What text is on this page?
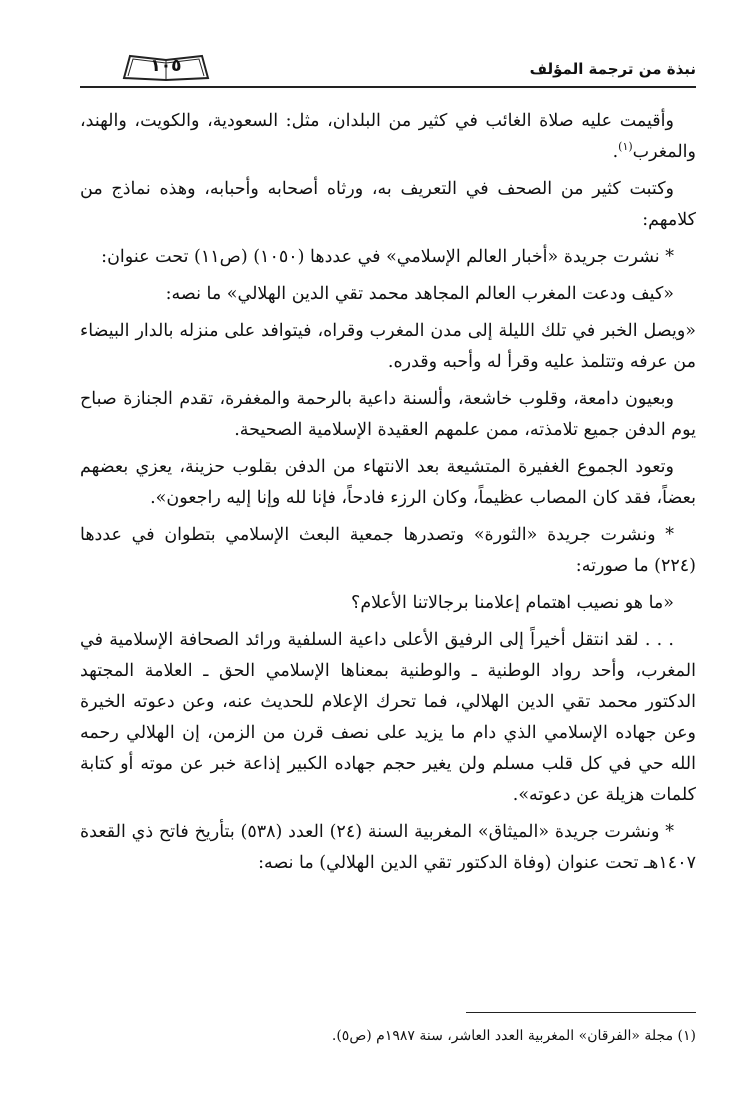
نبذة من ترجمة المؤلف
١٠٥

وأقيمت عليه صلاة الغائب في كثير من البلدان، مثل: السعودية، والكويت، والهند، والمغرب$^{(١)}$.

وكتبت كثير من الصحف في التعريف به، ورثاه أصحابه وأحبابه، وهذه نماذج من كلامهم:

* نشرت جريدة «أخبار العالم الإسلامي» في عددها (١٠٥٠) (ص١١) تحت عنوان:

«كيف ودعت المغرب العالم المجاهد محمد تقي الدين الهلالي» ما نصه:

«ويصل الخبر في تلك الليلة إلى مدن المغرب وقراه، فيتوافد على منزله بالدار البيضاء من عرفه وتتلمذ عليه وقرأ له وأحبه وقدره.

وبعيون دامعة، وقلوب خاشعة، وألسنة داعية بالرحمة والمغفرة، تقدم الجنازة صباح يوم الدفن جميع تلامذته، ممن علمهم العقيدة الإسلامية الصحيحة.

وتعود الجموع الغفيرة المتشيعة بعد الانتهاء من الدفن بقلوب حزينة، يعزي بعضهم بعضاً، فقد كان المصاب عظيماً، وكان الرزء فادحاً، فإنا لله وإنا إليه راجعون».

* ونشرت جريدة «الثورة» وتصدرها جمعية البعث الإسلامي بتطوان في عددها (٢٢٤) ما صورته:

«ما هو نصيب اهتمام إعلامنا برجالاتنا الأعلام؟

. . . لقد انتقل أخيراً إلى الرفيق الأعلى داعية السلفية ورائد الصحافة الإسلامية في المغرب، وأحد رواد الوطنية ـ والوطنية بمعناها الإسلامي الحق ـ العلامة المجتهد الدكتور محمد تقي الدين الهلالي، فما تحرك الإعلام للحديث عنه، وعن دعوته الخيرة وعن جهاده الإسلامي الذي دام ما يزيد على نصف قرن من الزمن، إن الهلالي رحمه الله حي في كل قلب مسلم ولن يغير حجم جهاده الكبير إذاعة خبر عن موته أو كتابة كلمات هزيلة عن دعوته».

* ونشرت جريدة «الميثاق» المغربية السنة (٢٤) العدد (٥٣٨) بتأريخ فاتح ذي القعدة ١٤٠٧هـ تحت عنوان (وفاة الدكتور تقي الدين الهلالي) ما نصه:

(١) مجلة «الفرقان» المغربية العدد العاشر، سنة ١٩٨٧م (ص٥).
